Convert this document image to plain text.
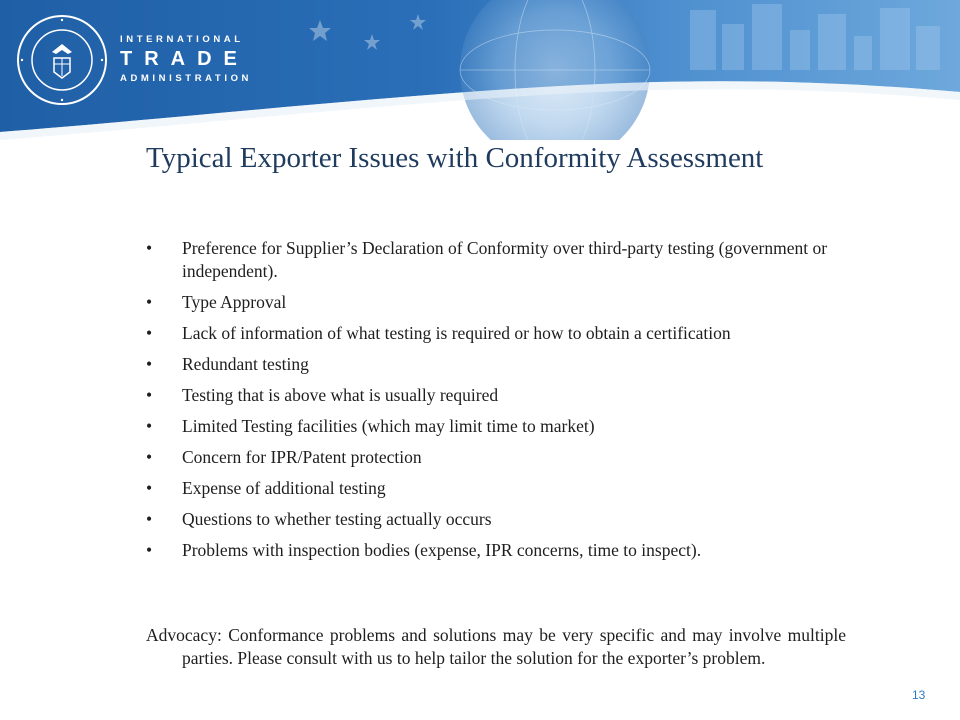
INTERNATIONAL
TRADE
ADMINISTRATION
Typical Exporter Issues with Conformity Assessment
• Preference for Supplier’s Declaration of Conformity over third-party testing (government or independent).
• Type Approval
• Lack of information of what testing is required or how to obtain a certification
• Redundant testing
• Testing that is above what is usually required
• Limited Testing facilities (which may limit time to market)
• Concern for IPR/Patent protection
• Expense of additional testing
• Questions to whether testing actually occurs
• Problems with inspection bodies (expense, IPR concerns, time to inspect).
Advocacy: Conformance problems and solutions may be very specific and may involve multiple parties. Please consult with us to help tailor the solution for the exporter’s problem.
13
